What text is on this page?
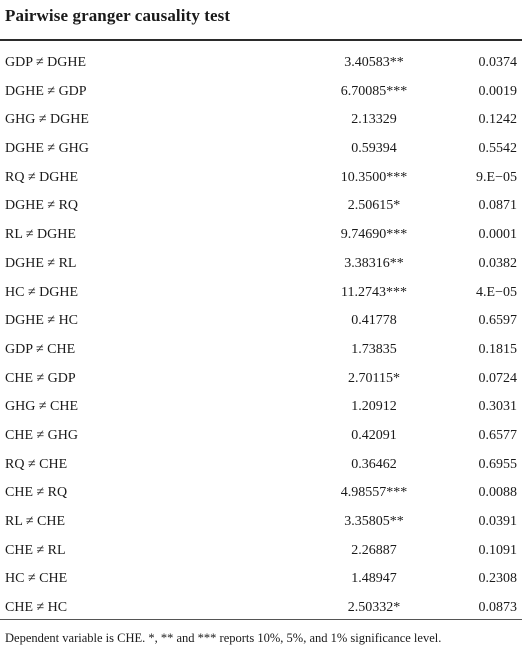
Pairwise granger causality test
GDP ≠ DGHE	3.40583**	0.0374
DGHE ≠ GDP	6.70085***	0.0019
GHG ≠ DGHE	2.13329	0.1242
DGHE ≠ GHG	0.59394	0.5542
RQ ≠ DGHE	10.3500***	9.E−05
DGHE ≠ RQ	2.50615*	0.0871
RL ≠ DGHE	9.74690***	0.0001
DGHE ≠ RL	3.38316**	0.0382
HC ≠ DGHE	11.2743***	4.E−05
DGHE ≠ HC	0.41778	0.6597
GDP ≠ CHE	1.73835	0.1815
CHE ≠ GDP	2.70115*	0.0724
GHG ≠ CHE	1.20912	0.3031
CHE ≠ GHG	0.42091	0.6577
RQ ≠ CHE	0.36462	0.6955
CHE ≠ RQ	4.98557***	0.0088
RL ≠ CHE	3.35805**	0.0391
CHE ≠ RL	2.26887	0.1091
HC ≠ CHE	1.48947	0.2308
CHE ≠ HC	2.50332*	0.0873
Dependent variable is CHE. *, ** and *** reports 10%, 5%, and 1% significance level.
